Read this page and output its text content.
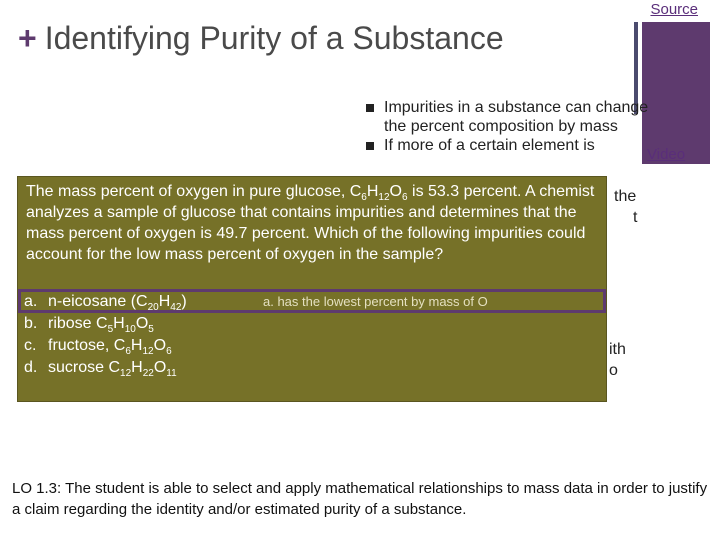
+ Identifying Purity of a Substance
Source
Video
Impurities in a substance can change the percent composition by mass
If more of a certain element is
the
t
ith
o
The mass percent of oxygen in pure glucose, $C_6H_{12}O_6$ is 53.3 percent. A chemist analyzes a sample of glucose that contains impurities and determines that the mass percent of oxygen is 49.7 percent. Which of the following impurities could account for the low mass percent of oxygen in the sample?
a. n-eicosane $(C_{20}H_{42})$
b. ribose $C_5H_{10}O_5$
c. fructose, $C_6H_{12}O_6$
d. sucrose $C_{12}H_{22}O_{11}$
a. has the lowest percent by mass of O
LO 1.3: The student is able to select and apply mathematical relationships to mass data in order to justify a claim regarding the identity and/or estimated purity of a substance.
